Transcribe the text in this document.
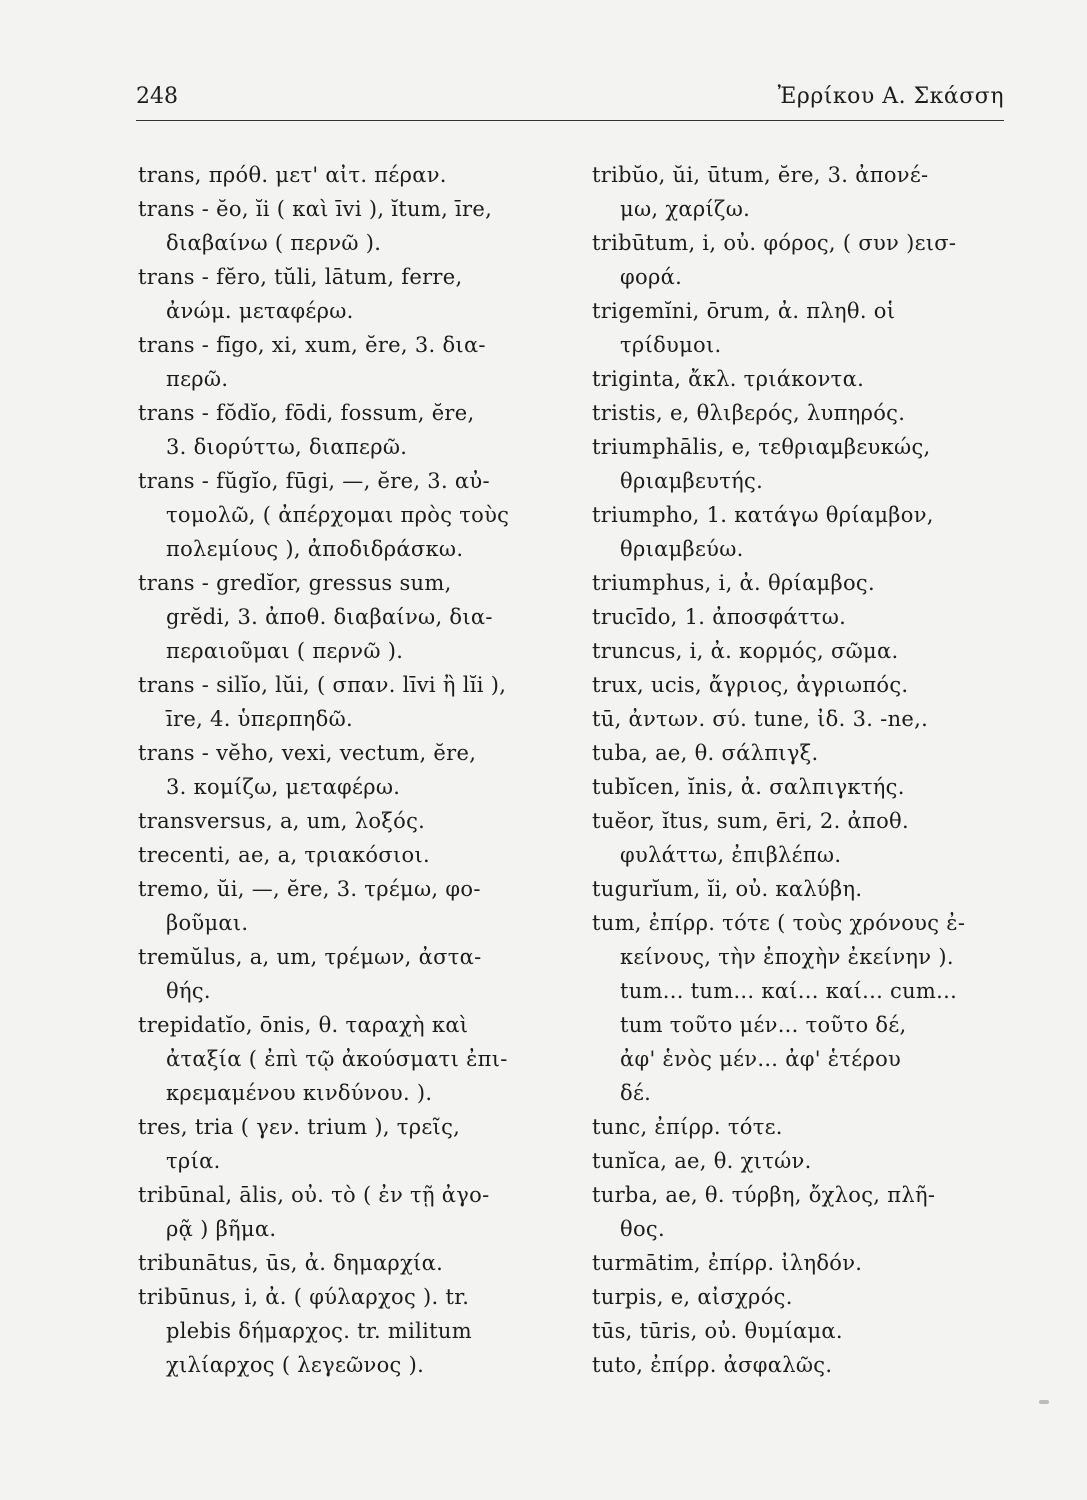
248	Ἐρρίκου Α. Σκάσση
trans, πρόθ. μετ' αἰτ. πέραν.
trans - ĕo, ĭi ( καὶ īvi ), ĭtum, īre,
διαβαίνω ( περνῶ ).
trans - fĕro, tŭli, lātum, ferre,
ἀνώμ. μεταφέρω.
trans - fīgo, xi, xum, ĕre, 3. δια-
περῶ.
trans - fŏdĭo, fōdi, fossum, ĕre,
3. διορύττω, διαπερῶ.
trans - fŭgĭo, fūgi, —, ĕre, 3. αὐ-
τομολῶ, ( ἀπέρχομαι πρὸς τοὺς
πολεμίους ), ἀποδιδράσκω.
trans - gredĭor, gressus sum,
grĕdi, 3. ἀποθ. διαβαίνω, δια-
περαιοῦμαι ( περνῶ ).
trans - silĭo, lŭi, ( σπαν. līvi ἢ lĭi ),
īre, 4. ὑπερπηδῶ.
trans - vĕho, vexi, vectum, ĕre,
3. κομίζω, μεταφέρω.
transversus, a, um, λοξός.
trecenti, ae, a, τριακόσιοι.
tremo, ŭi, —, ĕre, 3. τρέμω, φο-
βοῦμαι.
tremŭlus, a, um, τρέμων, ἀστα-
θής.
trepidatĭo, ōnis, θ. ταραχὴ καὶ
ἀταξία ( ἐπὶ τῷ ἀκούσματι ἐπι-
κρεμαμένου κινδύνου. ).
tres, tria ( γεν. trium ), τρεῖς,
τρία.
tribūnal, ālis, οὐ. τὸ ( ἐν τῇ ἀγο-
ρᾷ ) βῆμα.
tribunātus, ūs, ἀ. δημαρχία.
tribūnus, i, ἀ. ( φύλαρχος ). tr.
plebis δήμαρχος. tr. militum
χιλίαρχος ( λεγεῶνος ).
tribŭo, ŭi, ūtum, ĕre, 3. ἀπονέ-
μω, χαρίζω.
tribūtum, i, οὐ. φόρος, ( συν )εισ-
φορά.
trigemĭni, ōrum, ἀ. πληθ. οἱ
τρίδυμοι.
triginta, ἄκλ. τριάκοντα.
tristis, e, θλιβερός, λυπηρός.
triumphālis, e, τεθριαμβευκώς,
θριαμβευτής.
triumpho, 1. κατάγω θρίαμβον,
θριαμβεύω.
triumphus, i, ἀ. θρίαμβος.
trucīdo, 1. ἀποσφάττω.
truncus, i, ἀ. κορμός, σῶμα.
trux, ucis, ἄγριος, ἀγριωπός.
tū, ἀντων. σύ. tune, ἰδ. 3. -ne,.
tuba, ae, θ. σάλπιγξ.
tubĭcen, ĭnis, ἀ. σαλπιγκτής.
tuĕor, ĭtus, sum, ēri, 2. ἀποθ.
φυλάττω, ἐπιβλέπω.
tugurĭum, ĭi, οὐ. καλύβη.
tum, ἐπίρρ. τότε ( τοὺς χρόνους ἐ-
κείνους, τὴν ἐποχὴν ἐκείνην ).
tum... tum... καί... καί... cum...
tum τοῦτο μέν... τοῦτο δέ,
ἀφ' ἑνὸς μέν... ἀφ' ἑτέρου
δέ.
tunc, ἐπίρρ. τότε.
tunĭca, ae, θ. χιτών.
turba, ae, θ. τύρβη, ὄχλος, πλῆ-
θος.
turmātim, ἐπίρρ. ἰληδόν.
turpis, e, αἰσχρός.
tūs, tūris, οὐ. θυμίαμα.
tuto, ἐπίρρ. ἀσφαλῶς.
